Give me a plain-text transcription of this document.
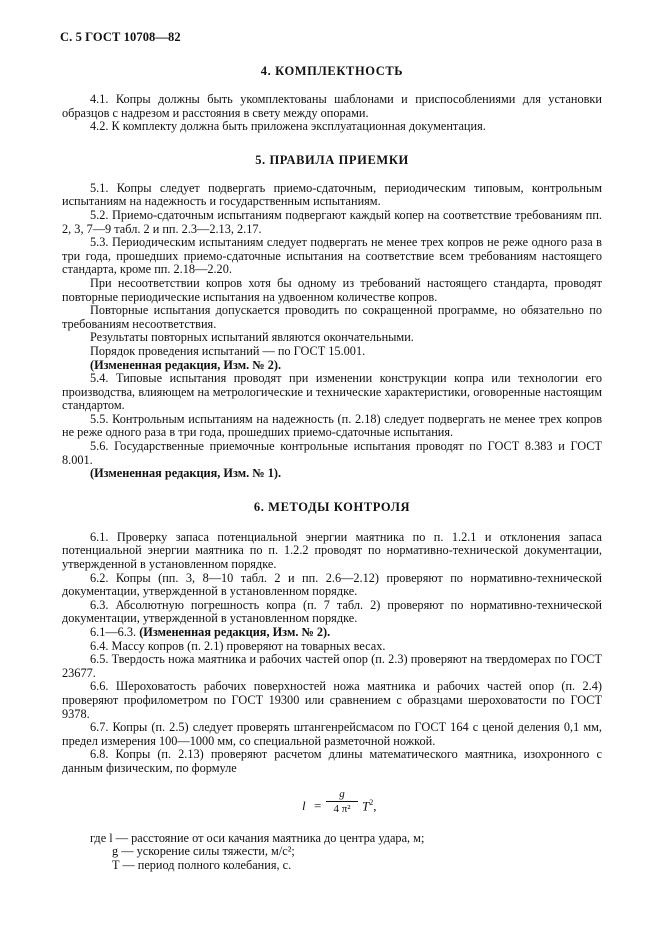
С. 5 ГОСТ 10708—82
4. КОМПЛЕКТНОСТЬ

4.1. Копры должны быть укомплектованы шаблонами и приспособлениями для установки образцов с надрезом и расстояния в свету между опорами.

4.2. К комплекту должна быть приложена эксплуатационная документация.

5. ПРАВИЛА ПРИЕМКИ

5.1. Копры следует подвергать приемо-сдаточным, периодическим типовым, контрольным испытаниям на надежность и государственным испытаниям.

5.2. Приемо-сдаточным испытаниям подвергают каждый копер на соответствие требованиям пп. 2, 3, 7—9 табл. 2 и пп. 2.3—2.13, 2.17.

5.3. Периодическим испытаниям следует подвергать не менее трех копров не реже одного раза в три года, прошедших приемо-сдаточные испытания на соответствие всем требованиям настоящего стандарта, кроме пп. 2.18—2.20.

При несоответствии копров хотя бы одному из требований настоящего стандарта, проводят повторные периодические испытания на удвоенном количестве копров.

Повторные испытания допускается проводить по сокращенной программе, но обязательно по требованиям несоответствия.

Результаты повторных испытаний являются окончательными.

Порядок проведения испытаний — по ГОСТ 15.001.

(Измененная редакция, Изм. № 2).

5.4. Типовые испытания проводят при изменении конструкции копра или технологии его производства, влияющем на метрологические и технические характеристики, оговоренные настоящим стандартом.

5.5. Контрольным испытаниям на надежность (п. 2.18) следует подвергать не менее трех копров не реже одного раза в три года, прошедших приемо-сдаточные испытания.

5.6. Государственные приемочные контрольные испытания проводят по ГОСТ 8.383 и ГОСТ 8.001.

(Измененная редакция, Изм. № 1).

6. МЕТОДЫ КОНТРОЛЯ

6.1. Проверку запаса потенциальной энергии маятника по п. 1.2.1 и отклонения запаса потенциальной энергии маятника по п. 1.2.2 проводят по нормативно-технической документации, утвержденной в установленном порядке.

6.2. Копры (пп. 3, 8—10 табл. 2 и пп. 2.6—2.12) проверяют по нормативно-технической документации, утвержденной в установленном порядке.

6.3. Абсолютную погрешность копра (п. 7 табл. 2) проверяют по нормативно-технической документации, утвержденной в установленном порядке.

6.1—6.3. (Измененная редакция, Изм. № 2).

6.4. Массу копров (п. 2.1) проверяют на товарных весах.

6.5. Твердость ножа маятника и рабочих частей опор (п. 2.3) проверяют на твердомерах по ГОСТ 23677.

6.6. Шероховатость рабочих поверхностей ножа маятника и рабочих частей опор (п. 2.4) проверяют профилометром по ГОСТ 19300 или сравнением с образцами шероховатости по ГОСТ 9378.

6.7. Копры (п. 2.5) следует проверять штангенрейсмасом по ГОСТ 164 с ценой деления 0,1 мм, предел измерения 100—1000 мм, со специальной разметочной ножкой.

6.8. Копры (п. 2.13) проверяют расчетом длины математического маятника, изохронного с данным физическим, по формуле

$l = \frac{g}{\text{4 π²}} T^2$,
где l — расстояние от оси качания маятника до центра удара, м;
g — ускорение силы тяжести, м/с²;
T — период полного колебания, с.
